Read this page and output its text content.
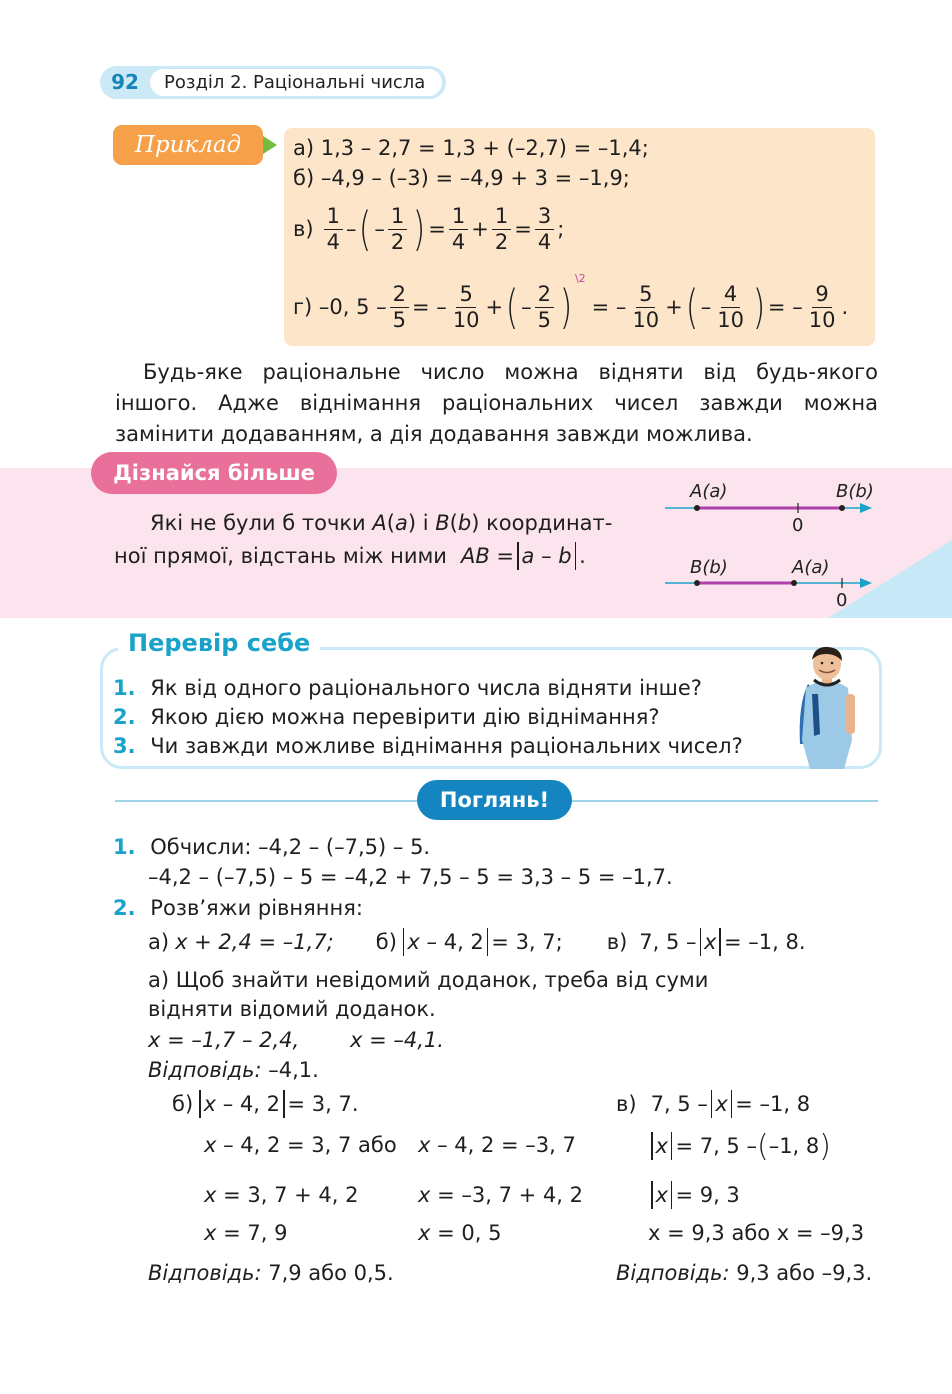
92	Розділ 2. Раціональні числа
Приклад	а) 1,3 – 2,7 = 1,3 + (–2,7) = –1,4;
б) –4,9 – (–3) = –4,9 + 3 = –1,9;
$в) \frac{1}{4}$ – ( – $\frac{1}{2}$ ) = $\frac{1}{4} + \frac{1}{2} = \frac{3}{4}$ ;
г) –0, $5 - \frac{2}{5}$ = – $\frac{5}{10}$ + ( – $\frac{2}{5}$ )
\2
= – $\frac{5}{10}$ + ( – $\frac{4}{10}$ ) = – $\frac{9}{10}$ .
Будь-яке раціональне число можна відняти від будь-якого іншого. Адже віднімання раціональних чисел завжди можна замінити додаванням, а дія додавання завжди можлива.
Дізнайся більше
Які не були б точки A(a) і B(b) координат-
ної прямої, відстань між ними AB = a – b .
A(a)	B(b)
0
B(b)	A(a)
0
Перевір себе
1. Як від одного раціонального числа відняти інше?
2. Якою дією можна перевірити дію віднімання?
3. Чи завжди можливе віднімання раціональних чисел?
Поглянь!
1. Обчисли: –4,2 – (–7,5) – 5.
–4,2 – (–7,5) – 5 = –4,2 + 7,5 – 5 = 3,3 – 5 = –1,7.
2. Розв’яжи рівняння:
а) x + 2,4 = –1,7; б) x – 4, 2 = 3, 7; в) 7, 5 – x = –1, 8.
а) Щоб знайти невідомий доданок, треба від суми
відняти відомий доданок.
x = –1,7 – 2,4, x = –4,1.
Відповідь: –4,1.
б) x – 4, 2 = 3, 7.
x – 4, 2 = 3, 7 або x – 4, 2 = –3, 7
x = 3, 7 + 4, 2	x = –3, 7 + 4, 2
x = 7, 9	x = 0, 5
Відповідь: 7,9 або 0,5.
в) 7, 5 – x = –1, 8
x = 7, 5 – ( –1, 8 )
x = 9, 3
x = 9,3 або x = –9,3
Відповідь: 9,3 або –9,3.
